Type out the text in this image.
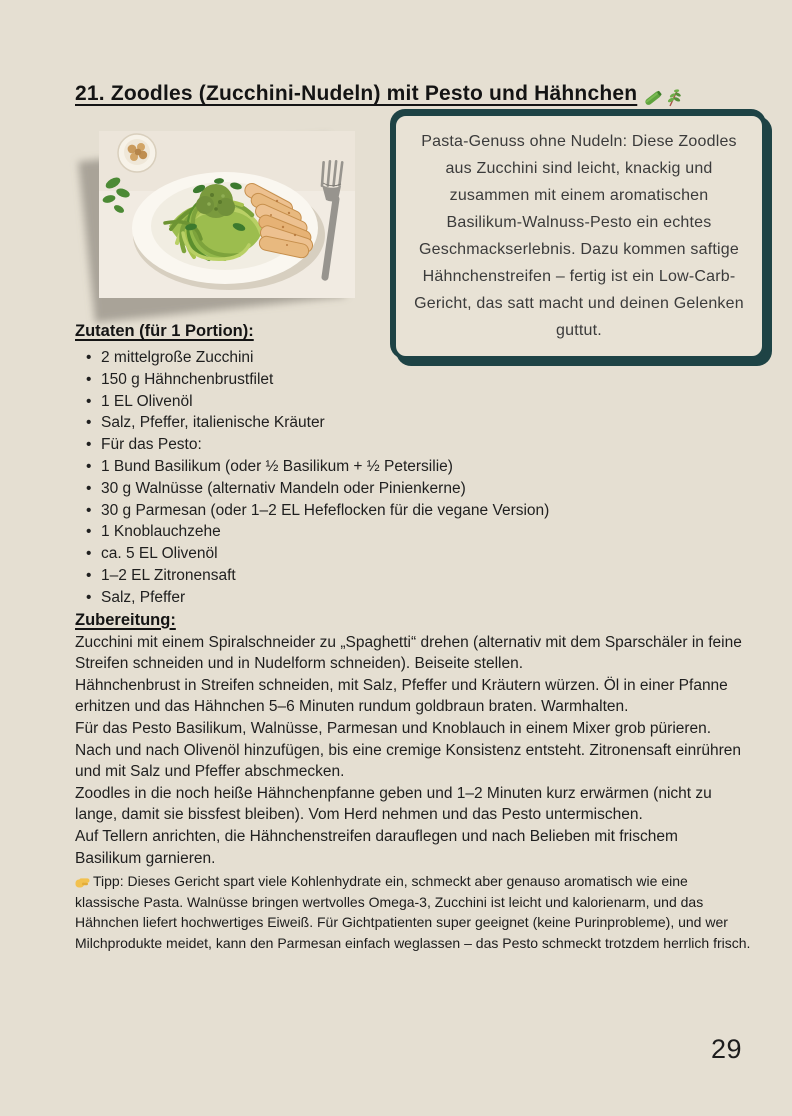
21. Zoodles (Zucchini-Nudeln) mit Pesto und Hähnchen

Pasta-Genuss ohne Nudeln: Diese Zoodles aus Zucchini sind leicht, knackig und zusammen mit einem aromatischen Basilikum-Walnuss-Pesto ein echtes Geschmackserlebnis. Dazu kommen saftige Hähnchenstreifen – fertig ist ein Low-Carb-Gericht, das satt macht und deinen Gelenken guttut.

Zutaten (für 1 Portion):
• 2 mittelgroße Zucchini
• 150 g Hähnchenbrustfilet
• 1 EL Olivenöl
• Salz, Pfeffer, italienische Kräuter
• Für das Pesto:
• 1 Bund Basilikum (oder ½ Basilikum + ½ Petersilie)
• 30 g Walnüsse (alternativ Mandeln oder Pinienkerne)
• 30 g Parmesan (oder 1–2 EL Hefeflocken für die vegane Version)
• 1 Knoblauchzehe
• ca. 5 EL Olivenöl
• 1–2 EL Zitronensaft
• Salz, Pfeffer
Zubereitung:

Zucchini mit einem Spiralschneider zu „Spaghetti“ drehen (alternativ mit dem Sparschäler in feine Streifen schneiden und in Nudelform schneiden). Beiseite stellen.

Hähnchenbrust in Streifen schneiden, mit Salz, Pfeffer und Kräutern würzen. Öl in einer Pfanne erhitzen und das Hähnchen 5–6 Minuten rundum goldbraun braten. Warmhalten.

Für das Pesto Basilikum, Walnüsse, Parmesan und Knoblauch in einem Mixer grob pürieren. Nach und nach Olivenöl hinzufügen, bis eine cremige Konsistenz entsteht. Zitronensaft einrühren und mit Salz und Pfeffer abschmecken.

Zoodles in die noch heiße Hähnchenpfanne geben und 1–2 Minuten kurz erwärmen (nicht zu lange, damit sie bissfest bleiben). Vom Herd nehmen und das Pesto untermischen.

Auf Tellern anrichten, die Hähnchenstreifen darauflegen und nach Belieben mit frischem Basilikum garnieren.

Tipp: Dieses Gericht spart viele Kohlenhydrate ein, schmeckt aber genauso aromatisch wie eine klassische Pasta. Walnüsse bringen wertvolles Omega-3, Zucchini ist leicht und kalorienarm, und das Hähnchen liefert hochwertiges Eiweiß. Für Gichtpatienten super geeignet (keine Purinprobleme), und wer Milchprodukte meidet, kann den Parmesan einfach weglassen – das Pesto schmeckt trotzdem herrlich frisch.

29
